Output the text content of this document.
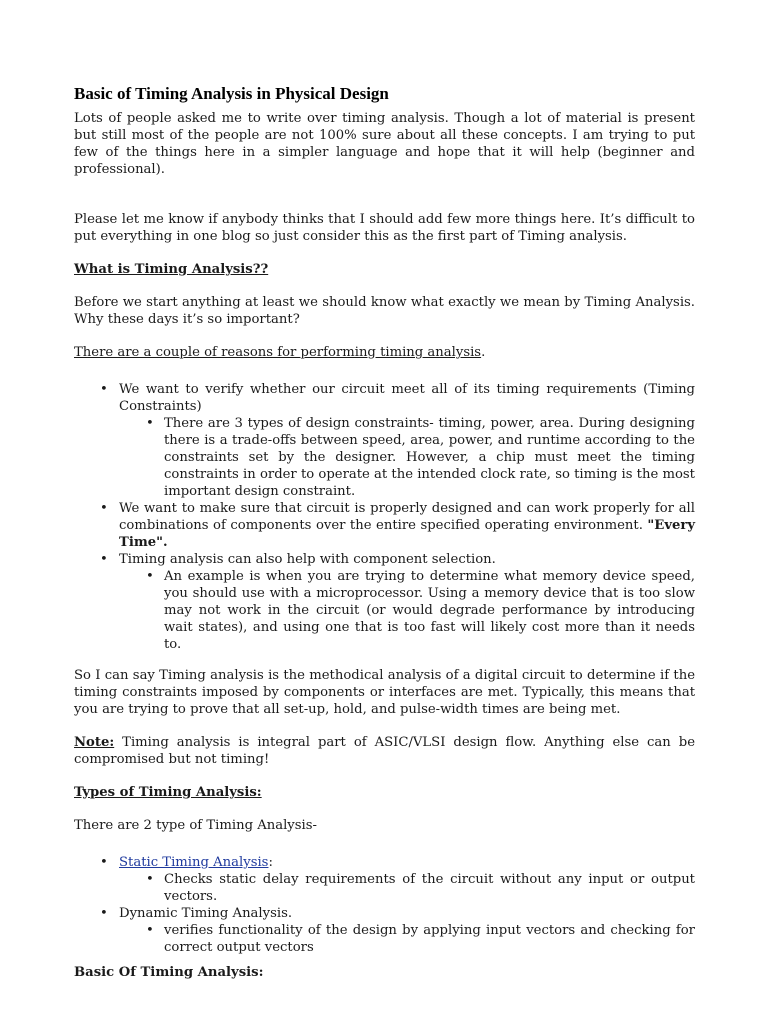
Basic of Timing Analysis in Physical Design

Lots of people asked me to write over timing analysis. Though a lot of material is present but still most of the people are not 100% sure about all these concepts. I am trying to put few of the things here in a simpler language and hope that it will help (beginner and professional).

Please let me know if anybody thinks that I should add few more things here. It’s difficult to put everything in one blog so just consider this as the first part of Timing analysis.

What is Timing Analysis??

Before we start anything at least we should know what exactly we mean by Timing Analysis. Why these days it’s so important?

There are a couple of reasons for performing timing analysis.

• We want to verify whether our circuit meet all of its timing requirements (Timing Constraints)
• There are 3 types of design constraints- timing, power, area. During designing there is a trade-offs between speed, area, power, and runtime according to the constraints set by the designer. However, a chip must meet the timing constraints in order to operate at the intended clock rate, so timing is the most important design constraint.
• We want to make sure that circuit is properly designed and can work properly for all combinations of components over the entire specified operating environment. "Every Time".
• Timing analysis can also help with component selection.
• An example is when you are trying to determine what memory device speed, you should use with a microprocessor. Using a memory device that is too slow may not work in the circuit (or would degrade performance by introducing wait states), and using one that is too fast will likely cost more than it needs to.

So I can say Timing analysis is the methodical analysis of a digital circuit to determine if the timing constraints imposed by components or interfaces are met. Typically, this means that you are trying to prove that all set-up, hold, and pulse-width times are being met.

Note: Timing analysis is integral part of ASIC/VLSI design flow. Anything else can be compromised but not timing!

Types of Timing Analysis:

There are 2 type of Timing Analysis-

• Static Timing Analysis:
• Checks static delay requirements of the circuit without any input or output vectors.
• Dynamic Timing Analysis.
• verifies functionality of the design by applying input vectors and checking for correct output vectors

Basic Of Timing Analysis:
